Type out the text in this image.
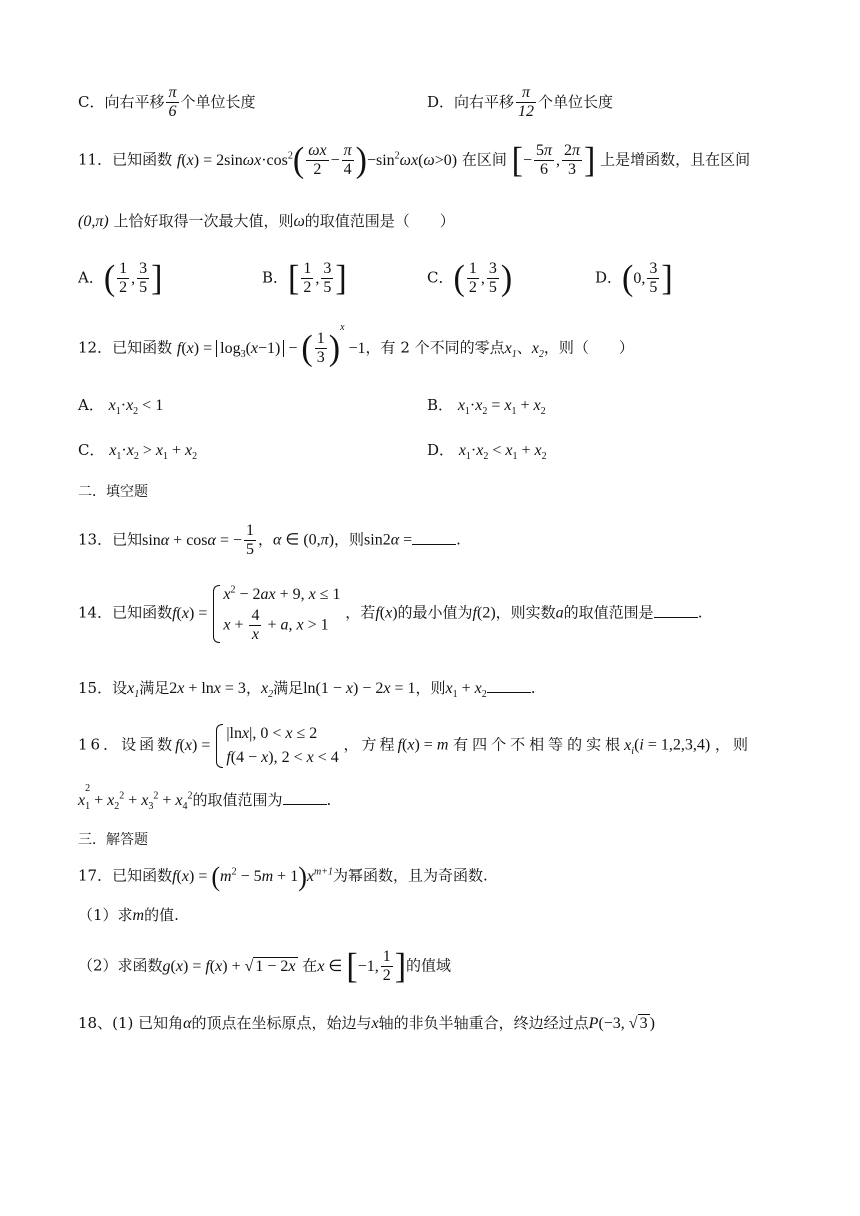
C．向右平移 $\frac{\pi}{6}$ 个单位长度	D．向右平移 $\frac{\pi}{12}$ 个单位长度
11．已知函数 $f(x) = 2\sin\omega x\cdot\cos^2( \frac{\omega x}{2} - \frac{\pi}{4} )-\sin^2\omega x(\omega>0)$ 在区间 [− $\frac{5\pi}{6}$ , $\frac{2\pi}{3}$ ] 上是增函数，且在区间
(0,π) 上恰好取得一次最大值，则ω的取值范围是（　　）
A．( $\frac{1}{2}$ , $\frac{3}{5}$ ]	B．[ $\frac{1}{2}$ , $\frac{3}{5}$ ]	C．( $\frac{1}{2}$ , $\frac{3}{5}$ )	D．(0, $\frac{3}{5}$ ]
12．已知函数 $f(x) = \log_3(x-1)$ − ( $\frac{1}{3} )^x -1$，有 2 个不同的零点$x_1$、$x_2$，则（　　）
A． $x_1\cdot x_2 < 1$	B． $x_1\cdot x_2 = x_1 + x_2$
C． $x_1\cdot x_2 > x_1 + x_2$	D． $x_1\cdot x_2 < x_1 + x_2$
二．填空题
13．已知sinα + cosα = − $\frac{1}{5}$ ，α ∈ (0,π)，则sin2α =	.
14．已知函数f(x) =
$x^2 - 2ax + 9$, x ≤ 1
$x + \frac{4}{x} + a$, x > 1
，若f(x)的最小值为f(2)，则实数a的取值范围是	.
15．设$x_1$满足2x + lnx = 3，$x_2$满足ln(1 − x) − 2x = 1，则$x_1 + x_2$	.
16．设函数f(x) =
|lnx|, 0 < x ≤ 2
f(4 − x), 2 < x < 4
，方程f(x) = m 有四个不相等的实根$x_i(i = 1,2,3,4)$ ，则
x
$_{2 1} + x_2^2 + x_3^2 + x_4^2$的取值范围为	.
三．解答题
17．已知函数$f(x) = (m^2 - 5m + 1)x^{m+1}$为幂函数，且为奇函数.
（1）求m的值.
（2）求函数g(x) = f(x) + √ 1 − 2x 在x ∈ [−1, $\frac{1}{2}$ ]的值域
18、(1) 已知角α的顶点在坐标原点，始边与x轴的非负半轴重合，终边经过点P(−3, √ 3 )
